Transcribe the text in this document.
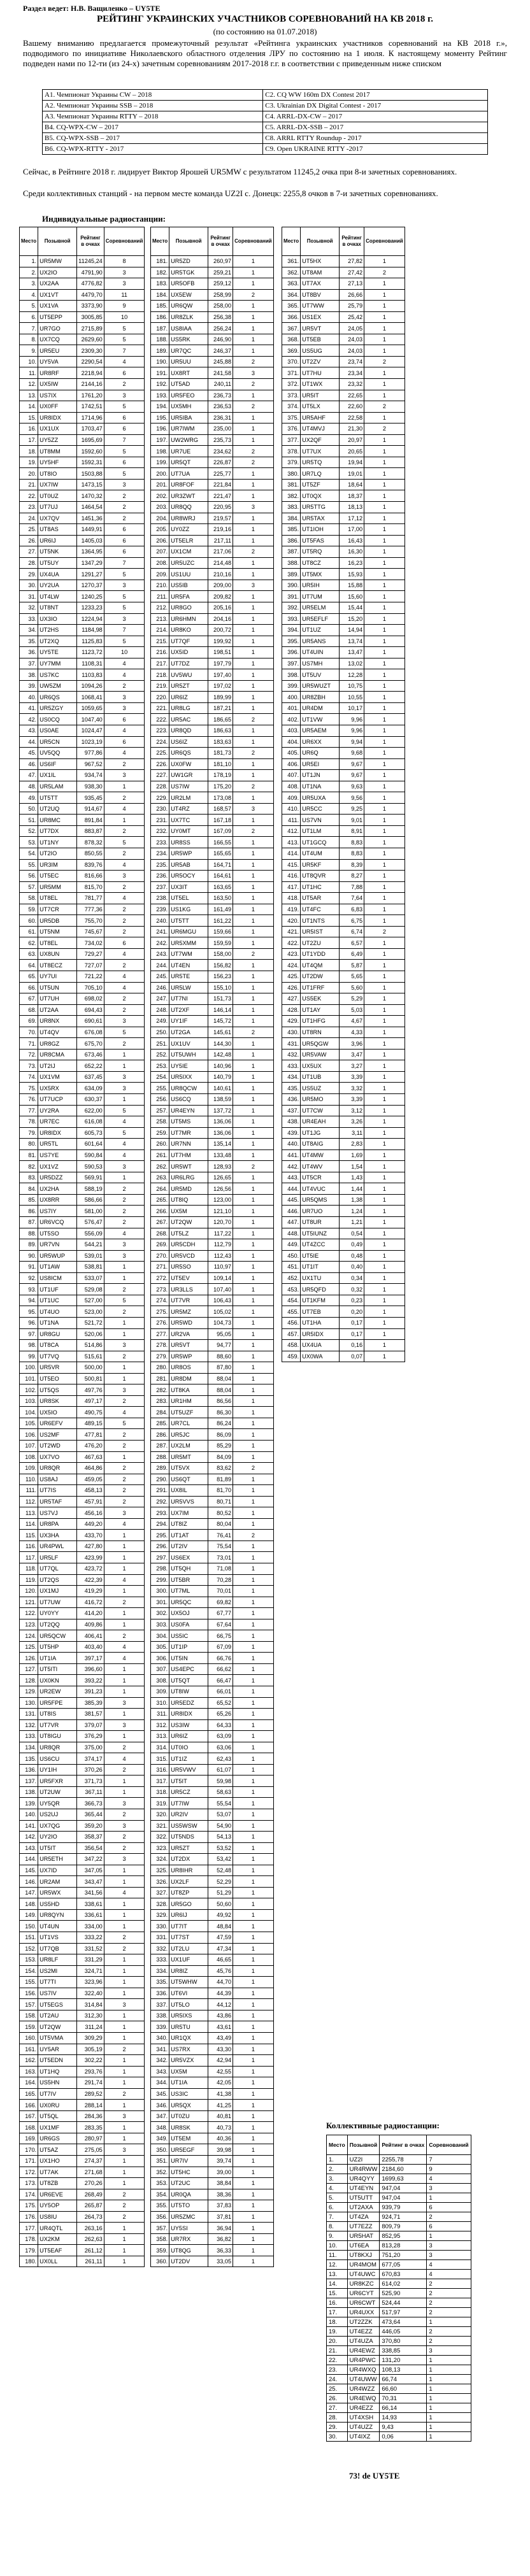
Раздел ведет: Н.В. Ващиленко – UY5TE
РЕЙТИНГ УКРАИНСКИХ УЧАСТНИКОВ СОРЕВНОВАНИЙ НА КВ 2018 г.
(по состоянию на 01.07.2018)
Вашему вниманию предлагается промежуточный результат «Рейтинга украинских участников соревнований на КВ 2018 г.», подводимого по инициативе Николаевского областного отделения ЛРУ по состоянию на 1 июля. К настоящему моменту Рейтинг подведен нами по 12-ти (из 24-х) зачетным соревнованиям 2017-2018 г.г. в соответствии с приведенным ниже списком
A1. Чемпионат Украины CW – 2018	C2. CQ WW 160m DX Contest 2017
A2. Чемпионат Украины SSB – 2018	C3. Ukrainian DX Digital Contest - 2017
A3. Чемпионат Украины RTTY – 2018	C4. ARRL-DX-CW – 2017
B4. CQ-WPX-CW – 2017	C5. ARRL-DX-SSB – 2017
B5. CQ-WPX-SSB – 2017	C8. ARRL RTTY Roundup - 2017
B6. CQ-WPX-RTTY - 2017	C9. Open UKRAINE RTTY -2017
Сейчас, в Рейтинге 2018 г. лидирует Виктор Ярошей UR5MW с результатом 11245,2 очка при 8-и зачетных соревнованиях.
Среди коллективных станций - на первом месте команда UZ2I с. Донецк: 2255,8 очков в 7-и зачетных соревнованиях.
Индивидуальные радиостанции:
Место	Позывной	Рейтинг в очках	Соревнований
1.	UR5MW	11245,24	8
2.	UX2IO	4791,90	3
3.	UX2AA	4776,82	3
4.	UX1VT	4479,70	11
5.	UX1VA	3373,90	9
6.	UT5EPP	3005,85	10
7.	UR7GO	2715,89	5
8.	UX7CQ	2629,60	5
9.	UR5EU	2309,30	7
10.	UY5VA	2290,54	4
11.	UR8RF	2218,94	6
12.	UX5IW	2144,16	2
13.	US7IX	1761,20	3
14.	UX0FF	1742,51	5
15.	UR8IDX	1714,96	6
16.	UX1UX	1703,47	6
17.	UY5ZZ	1695,69	7
18.	UT8MM	1592,60	5
19.	UY5HF	1592,31	6
20.	UT8IO	1503,88	5
21.	UX7IW	1473,15	3
22.	UT0UZ	1470,32	2
23.	UT7UJ	1464,54	2
24.	UX7QV	1451,36	2
25.	UT8AS	1449,91	6
26.	UR6IJ	1405,03	6
27.	UT5NK	1364,95	6
28.	UT5UY	1347,29	7
29.	UX4UA	1291,27	5
30.	UY2UA	1270,37	3
31.	UT4LW	1240,25	5
32.	UT8NT	1233,23	5
33.	UX3IO	1224,94	3
34.	UT2HS	1184,98	7
35.	UT2XQ	1125,83	5
36.	UY5TE	1123,72	10
37.	UY7MM	1108,31	4
38.	US7KC	1103,83	4
39.	UW5ZM	1094,26	2
40.	UR6QS	1068,41	3
41.	UR5ZGY	1059,65	3
42.	US0CQ	1047,40	6
43.	US0AE	1024,47	4
44.	UR5CN	1023,19	6
45.	UV5QQ	977,86	4
46.	US6IF	967,52	2
47.	UX1IL	934,74	3
48.	UR5LAM	938,30	1
49.	UT5TT	935,45	2
50.	UT2UQ	914,67	4
51.	UR8MC	891,84	1
52.	UT7DX	883,87	2
53.	UT1NY	878,32	5
54.	UT2IO	850,55	2
55.	UR3IM	839,76	4
56.	UT5EC	816,66	3
57.	UR5MM	815,70	2
58.	UT8EL	781,77	4
59.	UT7CR	777,36	2
60.	UR5DB	755,70	2
61.	UT5NM	745,67	2
62.	UT8EL	734,02	6
63.	UX8UN	729,27	4
64.	UT8ECZ	727,07	2
65.	UY7UI	721,22	4
66.	UT5UN	705,10	4
67.	UT7UH	698,02	2
68.	UT2AA	694,43	2
69.	UR8NX	690,61	3
70.	UT4QV	676,08	5
71.	UR8GZ	675,70	2
72.	UR8CMA	673,46	1
73.	UT2IJ	652,22	1
74.	UX1VM	637,45	3
75.	UX5RX	634,09	3
76.	UT7UCP	630,37	1
77.	UY2RA	622,00	5
78.	UR7EC	616,08	4
79.	UR8IDX	605,73	5
80.	UR5TL	601,64	4
81.	US7YE	590,84	4
82.	UX1VZ	590,53	3
83.	UR5DZZ	569,91	1
84.	UX2HA	588,19	2
85.	UX8RR	586,66	2
86.	US7IY	581,00	2
87.	UR6VCQ	576,47	2
88.	UT5SO	556,09	4
89.	UR7VN	544,21	3
90.	UR5WUP	539,01	3
91.	UT1AW	538,81	1
92.	US8ICM	533,07	1
93.	UT1UF	529,08	2
94.	UT1UC	527,00	5
95.	UT4UO	523,00	2
96.	UT1NA	521,72	1
97.	UR8GU	520,06	1
98.	UT8CA	514,86	3
99.	UT7VQ	515,61	2
100.	UR5VR	500,00	1
101.	UT5EO	500,81	1
102.	UT5QS	497,76	3
103.	UR8SK	497,17	2
104.	UX5IO	490,75	4
105.	UR6EFV	489,15	5
106.	US2MF	477,81	2
107.	UT2WD	476,20	2
108.	UX7VO	467,63	1
109.	UR8QR	464,86	2
110.	US8AJ	459,05	2
111.	UT7IS	458,13	2
112.	UR5TAF	457,91	2
113.	US7VJ	456,16	3
114.	UR8PA	449,20	4
115.	UX3HA	433,70	1
116.	UR4PWL	427,80	1
117.	UR5LF	423,99	1
118.	UT7QL	423,72	1
119.	UT2QS	422,39	4
120.	UX1MJ	419,29	1
121.	UT7UW	416,72	2
122.	UY0YY	414,20	1
123.	UT2QQ	409,86	1
124.	UR5QCW	406,41	2
125.	UT5HP	403,40	4
126.	UT1IA	397,17	4
127.	UT5ITI	396,60	1
128.	UX0KN	393,22	1
129.	UR2EW	391,23	1
130.	UR5FPE	385,39	3
131.	UT8IS	381,57	1
132.	UT7VR	379,07	3
133.	UT8IGU	376,29	1
134.	UR8QR	375,00	2
135.	US6CU	374,17	4
136.	UY1IH	370,26	2
137.	UR5FXR	371,73	1
138.	UT2UW	367,11	1
139.	UY5QR	366,73	3
140.	US2UJ	365,44	2
141.	UX7QG	359,20	3
142.	UY2IO	358,37	2
143.	UT5IT	356,54	2
144.	UR5ETH	347,22	3
145.	UX7ID	347,05	1
146.	UR2AM	343,47	1
147.	UR5WX	341,56	4
148.	US5HD	338,61	1
149.	UR8QYN	336,61	1
150.	UT4UN	334,00	1
151.	UT1VS	333,22	2
152.	UT7QB	331,52	2
153.	UR8LF	331,29	1
154.	US2MI	324,71	1
155.	UT7TI	323,96	1
156.	US7IV	322,40	1
157.	UT5EGS	314,84	3
158.	UT2AU	312,30	1
159.	UT2QW	311,24	1
160.	UT5VMA	309,29	1
161.	UY5AR	305,19	2
162.	UT5EDN	302,22	1
163.	UT1HQ	293,76	1
164.	US5HN	291,74	1
165.	UT7IV	289,52	2
166.	UX0RU	288,14	1
167.	UT5QL	284,36	3
168.	UX1MF	283,35	1
169.	UR6GS	280,97	1
170.	UT5AZ	275,05	3
171.	UX1HO	274,37	1
172.	UT7AK	271,68	1
173.	UT8ZB	270,26	1
174.	UR6EVE	268,49	2
175.	UY5OP	265,87	2
176.	US8IU	264,73	2
177.	UR4QTL	263,16	1
178.	UX2KM	262,63	1
179.	UT5EAF	261,12	1
180.	UX0LL	261,11	1
Место	Позывной	Рейтинг в очках	Соревнований
181.	UR5ZD	260,97	1
182.	UR5TGK	259,21	1
183.	UR5OFB	259,12	1
184.	UX5EW	258,99	2
185.	UR6QW	258,00	1
186.	UR8ZLK	256,38	1
187.	US8IAA	256,24	1
188.	US5RK	246,90	1
189.	UR7QC	246,37	1
190.	UR5UU	245,88	2
191.	UX8RT	241,58	3
192.	UT5AD	240,11	2
193.	UR5FEO	236,73	1
194.	UX5MH	236,53	2
195.	UR5IBA	236,31	1
196.	UR7IWM	235,00	1
197.	UW2WRG	235,73	1
198.	UR7UE	234,62	2
199.	UR5QT	226,87	2
200.	UT7UA	225,77	1
201.	UR8FOF	221,84	1
202.	UR3ZWT	221,47	1
203.	UR8QQ	220,95	3
204.	UR8WRJ	219,57	1
205.	UY0ZZ	219,16	1
206.	UT5ELR	217,11	1
207.	UX1CM	217,06	2
208.	UR5UZC	214,48	1
209.	US1UU	210,16	1
210.	US5IB	209,00	3
211.	UR5FA	209,82	1
212.	UR8GO	205,16	1
213.	UR6HMN	204,16	1
214.	UR8KO	200,72	1
215.	UT7QF	199,92	1
216.	UX5ID	198,51	1
217.	UT7DZ	197,79	1
218.	UV5WU	197,40	1
219.	UR5ZT	197,02	1
220.	UR6IZ	189,99	1
221.	UR8LG	187,21	1
222.	UR5AC	186,65	2
223.	UR8QD	186,63	1
224.	US6IZ	183,63	1
225.	UR6QS	181,73	2
226.	UX0FW	181,10	1
227.	UW1GR	178,19	1
228.	US7IW	175,20	2
229.	UR2LM	173,08	1
230.	UT4RZ	168,57	3
231.	UX7TC	167,18	1
232.	UY0MT	167,09	2
233.	UR8SS	166,55	1
234.	UR5WP	165,65	1
235.	UR5AB	164,71	1
236.	UR5OCY	164,61	1
237.	UX3IT	163,65	1
238.	UT5EL	163,50	1
239.	US1KG	161,49	1
240.	UT5TT	161,22	1
241.	UR6MGU	159,66	1
242.	UR5XMM	159,59	1
243.	UT7WM	158,00	2
244.	UT4EN	156,82	1
245.	UR5TE	156,23	1
246.	UR5LW	155,10	1
247.	UT7NI	151,73	1
248.	UT2XF	146,14	1
249.	UY1IF	145,72	1
250.	UT2GA	145,61	2
251.	UX1UV	144,30	1
252.	UT5UWH	142,48	1
253.	UY5IE	140,96	1
254.	UR5IXX	140,79	1
255.	UR8QCW	140,61	1
256.	US6CQ	138,59	1
257.	UR4EYN	137,72	1
258.	UT5MS	136,06	1
259.	UT7MR	136,06	1
260.	UR7NN	135,14	1
261.	UT7HM	133,48	1
262.	UR5WT	128,93	2
263.	UR6LRG	126,65	1
264.	UR5MD	126,56	1
265.	UT8IQ	123,00	1
266.	UX5M	121,10	1
267.	UT2QW	120,70	1
268.	UT5LZ	117,22	1
269.	UR5CDH	112,79	1
270.	UR5VCD	112,43	1
271.	UR5SO	110,97	1
272.	UT5EV	109,14	1
273.	UR3LLS	107,40	1
274.	UT7VR	106,43	1
275.	UR5MZ	105,02	1
276.	UR5WD	104,73	1
277.	UR2VA	95,05	1
278.	UR5VT	94,77	1
279.	UR5WP	88,60	1
280.	UR8OS	87,80	1
281.	UR8DM	88,04	1
282.	UT8KA	88,04	1
283.	UR1HM	86,56	1
284.	UT5UZF	86,30	1
285.	UR7CL	86,24	1
286.	UR5JC	86,09	1
287.	UX2LM	85,29	1
288.	UR5MT	84,09	1
289.	UT5VX	83,62	2
290.	US6QT	81,89	1
291.	UX8IL	81,70	1
292.	UR5VVS	80,71	1
293.	UX7IM	80,52	1
294.	UT8IZ	80,04	1
295.	UT1AT	76,41	2
296.	UT2IV	75,54	1
297.	US6EX	73,01	1
298.	UT5QH	71,08	1
299.	UT5BR	70,28	1
300.	UT7ML	70,01	1
301.	UR5QC	69,82	1
302.	UX5OJ	67,77	1
303.	US0FA	67,64	1
304.	US5IC	66,75	1
305.	UT1IP	67,09	1
306.	UT5IN	66,76	1
307.	US4EPC	66,62	1
308.	UT5QT	66,47	1
309.	UT8IW	66,01	1
310.	UR5EDZ	65,52	1
311.	UR8IDX	65,26	1
312.	US3IW	64,33	1
313.	UR6IZ	63,09	1
314.	UT0IO	63,06	1
315.	UT1IZ	62,43	1
316.	UR5VWV	61,07	1
317.	UT5IT	59,98	1
318.	UR5CZ	58,63	1
319.	UT7IW	55,54	1
320.	UR2IV	53,07	1
321.	US5WSW	54,90	1
322.	UT5NDS	54,13	1
323.	UR5ZT	53,52	1
324.	UT2DX	53,42	1
325.	UR8IHR	52,48	1
326.	UX2LF	52,29	1
327.	UT8ZP	51,29	1
328.	UR5GO	50,60	1
329.	UR6IJ	49,92	1
330.	UT7IT	48,84	1
331.	UT7ST	47,59	1
332.	UT2LU	47,34	1
333.	UX1UF	46,65	1
334.	UR8IZ	45,76	1
335.	UT5WHW	44,70	1
336.	UT6VI	44,39	1
337.	UT5LO	44,12	1
338.	UR5IXS	43,86	1
339.	UR5TU	43,61	1
340.	UR1QX	43,49	1
341.	US7RX	43,30	1
342.	UR5VZX	42,94	1
343.	UX5M	42,55	1
344.	UT1IA	42,05	1
345.	US3IC	41,38	1
346.	UR5QX	41,25	1
347.	UT0ZU	40,81	1
348.	UR8SK	40,73	1
349.	UT5EM	40,36	1
350.	UR5EGF	39,98	1
351.	UR7IV	39,74	1
352.	UT5HC	39,00	1
353.	UT2UC	38,84	1
354.	UR0QA	38,36	1
355.	UT5TO	37,83	1
356.	UR5ZMC	37,81	1
357.	UY5SI	36,94	1
358.	UR7RX	36,82	1
359.	UT8QG	36,33	1
360.	UT2DV	33,05	1
Место	Позывной	Рейтинг в очках	Соревнований
361.	UT5HX	27,82	1
362.	UT8AM	27,42	2
363.	UT7AX	27,13	1
364.	UT8BV	26,66	1
365.	UT7WW	25,79	1
366.	US1EX	25,42	1
367.	UR5VT	24,05	1
368.	UT5EB	24,03	1
369.	US5UG	24,03	1
370.	UT2ZV	23,74	2
371.	UT7HU	23,34	1
372.	UT1WX	23,32	1
373.	UR5IT	22,65	1
374.	UT5LX	22,60	2
375.	UR5AHF	22,58	1
376.	UT4MVJ	21,30	2
377.	UX2QF	20,97	1
378.	UT7UX	20,65	1
379.	UR5TQ	19,94	1
380.	UR7LQ	19,01	1
381.	UT5ZF	18,64	1
382.	UT0QX	18,37	1
383.	UR5TTG	18,13	1
384.	UR5TAX	17,12	1
385.	UT1IOH	17,00	1
386.	UT5FAS	16,43	1
387.	UT5RQ	16,30	1
388.	UT8CZ	16,23	1
389.	UT5MX	15,93	1
390.	UR5IH	15,88	1
391.	UT7UM	15,60	1
392.	UR5ELM	15,44	1
393.	UR5EFLF	15,20	1
394.	UT1UZ	14,94	1
395.	UR5ANS	13,74	1
396.	UT4UIN	13,47	1
397.	US7MH	13,02	1
398.	UT5UV	12,28	1
399.	UR5WUZT	10,75	1
400.	UR8ZBH	10,55	1
401.	UR4DM	10,17	1
402.	UT1VW	9,96	1
403.	UR5AEM	9,96	1
404.	UR6XX	9,94	1
405.	UR6Q	9,68	1
406.	UR5EI	9,67	1
407.	UT1JN	9,67	1
408.	UT1NA	9,63	1
409.	UR5UXA	9,56	1
410.	UR5CC	9,25	1
411.	US7VN	9,01	1
412.	UT1LM	8,91	1
413.	UT1GCQ	8,83	1
414.	UT4UM	8,83	1
415.	UR5KF	8,39	1
416.	UT8QVR	8,27	1
417.	UT1HC	7,88	1
418.	UT5AR	7,64	1
419.	UT4FC	6,83	1
420.	UT1NTS	6,75	1
421.	UR5IST	6,74	2
422.	UT2ZU	6,57	1
423.	UT1YDD	6,49	1
424.	UT4QM	5,87	1
425.	UT2DW	5,65	1
426.	UT1FRF	5,60	1
427.	US5EK	5,29	1
428.	UT1AY	5,03	1
429.	UT1HFG	4,67	1
430.	UT8RN	4,33	1
431.	UR5QGW	3,96	1
432.	UR5VAW	3,47	1
433.	UX5UX	3,27	1
434.	UT1UB	3,39	1
435.	US5UZ	3,32	1
436.	UR5MO	3,39	1
437.	UT7CW	3,12	1
438.	UR4EAH	3,26	1
439.	UT1JG	3,11	1
440.	UT8AIG	2,83	1
441.	UT4MW	1,69	1
442.	UT4WV	1,54	1
443.	UT5CR	1,43	1
444.	UT4VUC	1,44	1
445.	UR5QMS	1,38	1
446.	UR7UO	1,24	1
447.	UT8UR	1,21	1
448.	UT5IUNZ	0,54	1
449.	UT4ZCC	0,49	1
450.	UT5IE	0,48	1
451.	UT1IT	0,40	1
452.	UX1TU	0,34	1
453.	UR5QFD	0,32	1
454.	UT1KFM	0,23	1
455.	UT7EB	0,20	1
456.	UT1HA	0,17	1
457.	UR5IDX	0,17	1
458.	UX4UA	0,16	1
459.	UX0WA	0,07	1
Коллективные радиостанции:
Место	Позывной	Рейтинг в очках	Соревнований
1.	UZ2I	2255,78	7
2.	UR4RWW	2184,60	9
3.	UR4QYY	1699,63	4
4.	UT4EYN	947,04	3
5.	UT5UTT	947,04	1
6.	UT2AXA	939,79	6
7.	UT4ZA	924,71	2
8.	UT7EZZ	809,79	6
9.	UR5HAT	852,95	1
10.	UT6EA	813,28	3
11.	UT8KXJ	751,20	3
12.	UR4MOM	677,05	4
13.	UT4UWC	670,83	4
14.	UR8KZC	614,02	2
15.	UR6CYT	525,90	2
16.	UR6CWT	524,44	2
17.	UR4UXX	517,97	2
18.	UT2ZZK	473,64	1
19.	UT4EZZ	446,05	2
20.	UT4UZA	370,80	2
21.	UR4EWZ	338,85	3
22.	UR4PWC	131,20	1
23.	UR4WXQ	108,13	1
24.	UT4UWW	66,74	1
25.	UR4WZZ	66,60	1
26.	UR4EWQ	70,31	1
27.	UR4EZZ	66,14	1
28.	UT4XSH	14,93	1
29.	UT4UZZ	9,43	1
30.	UT4IXZ	0,06	1
73! de UY5TE
